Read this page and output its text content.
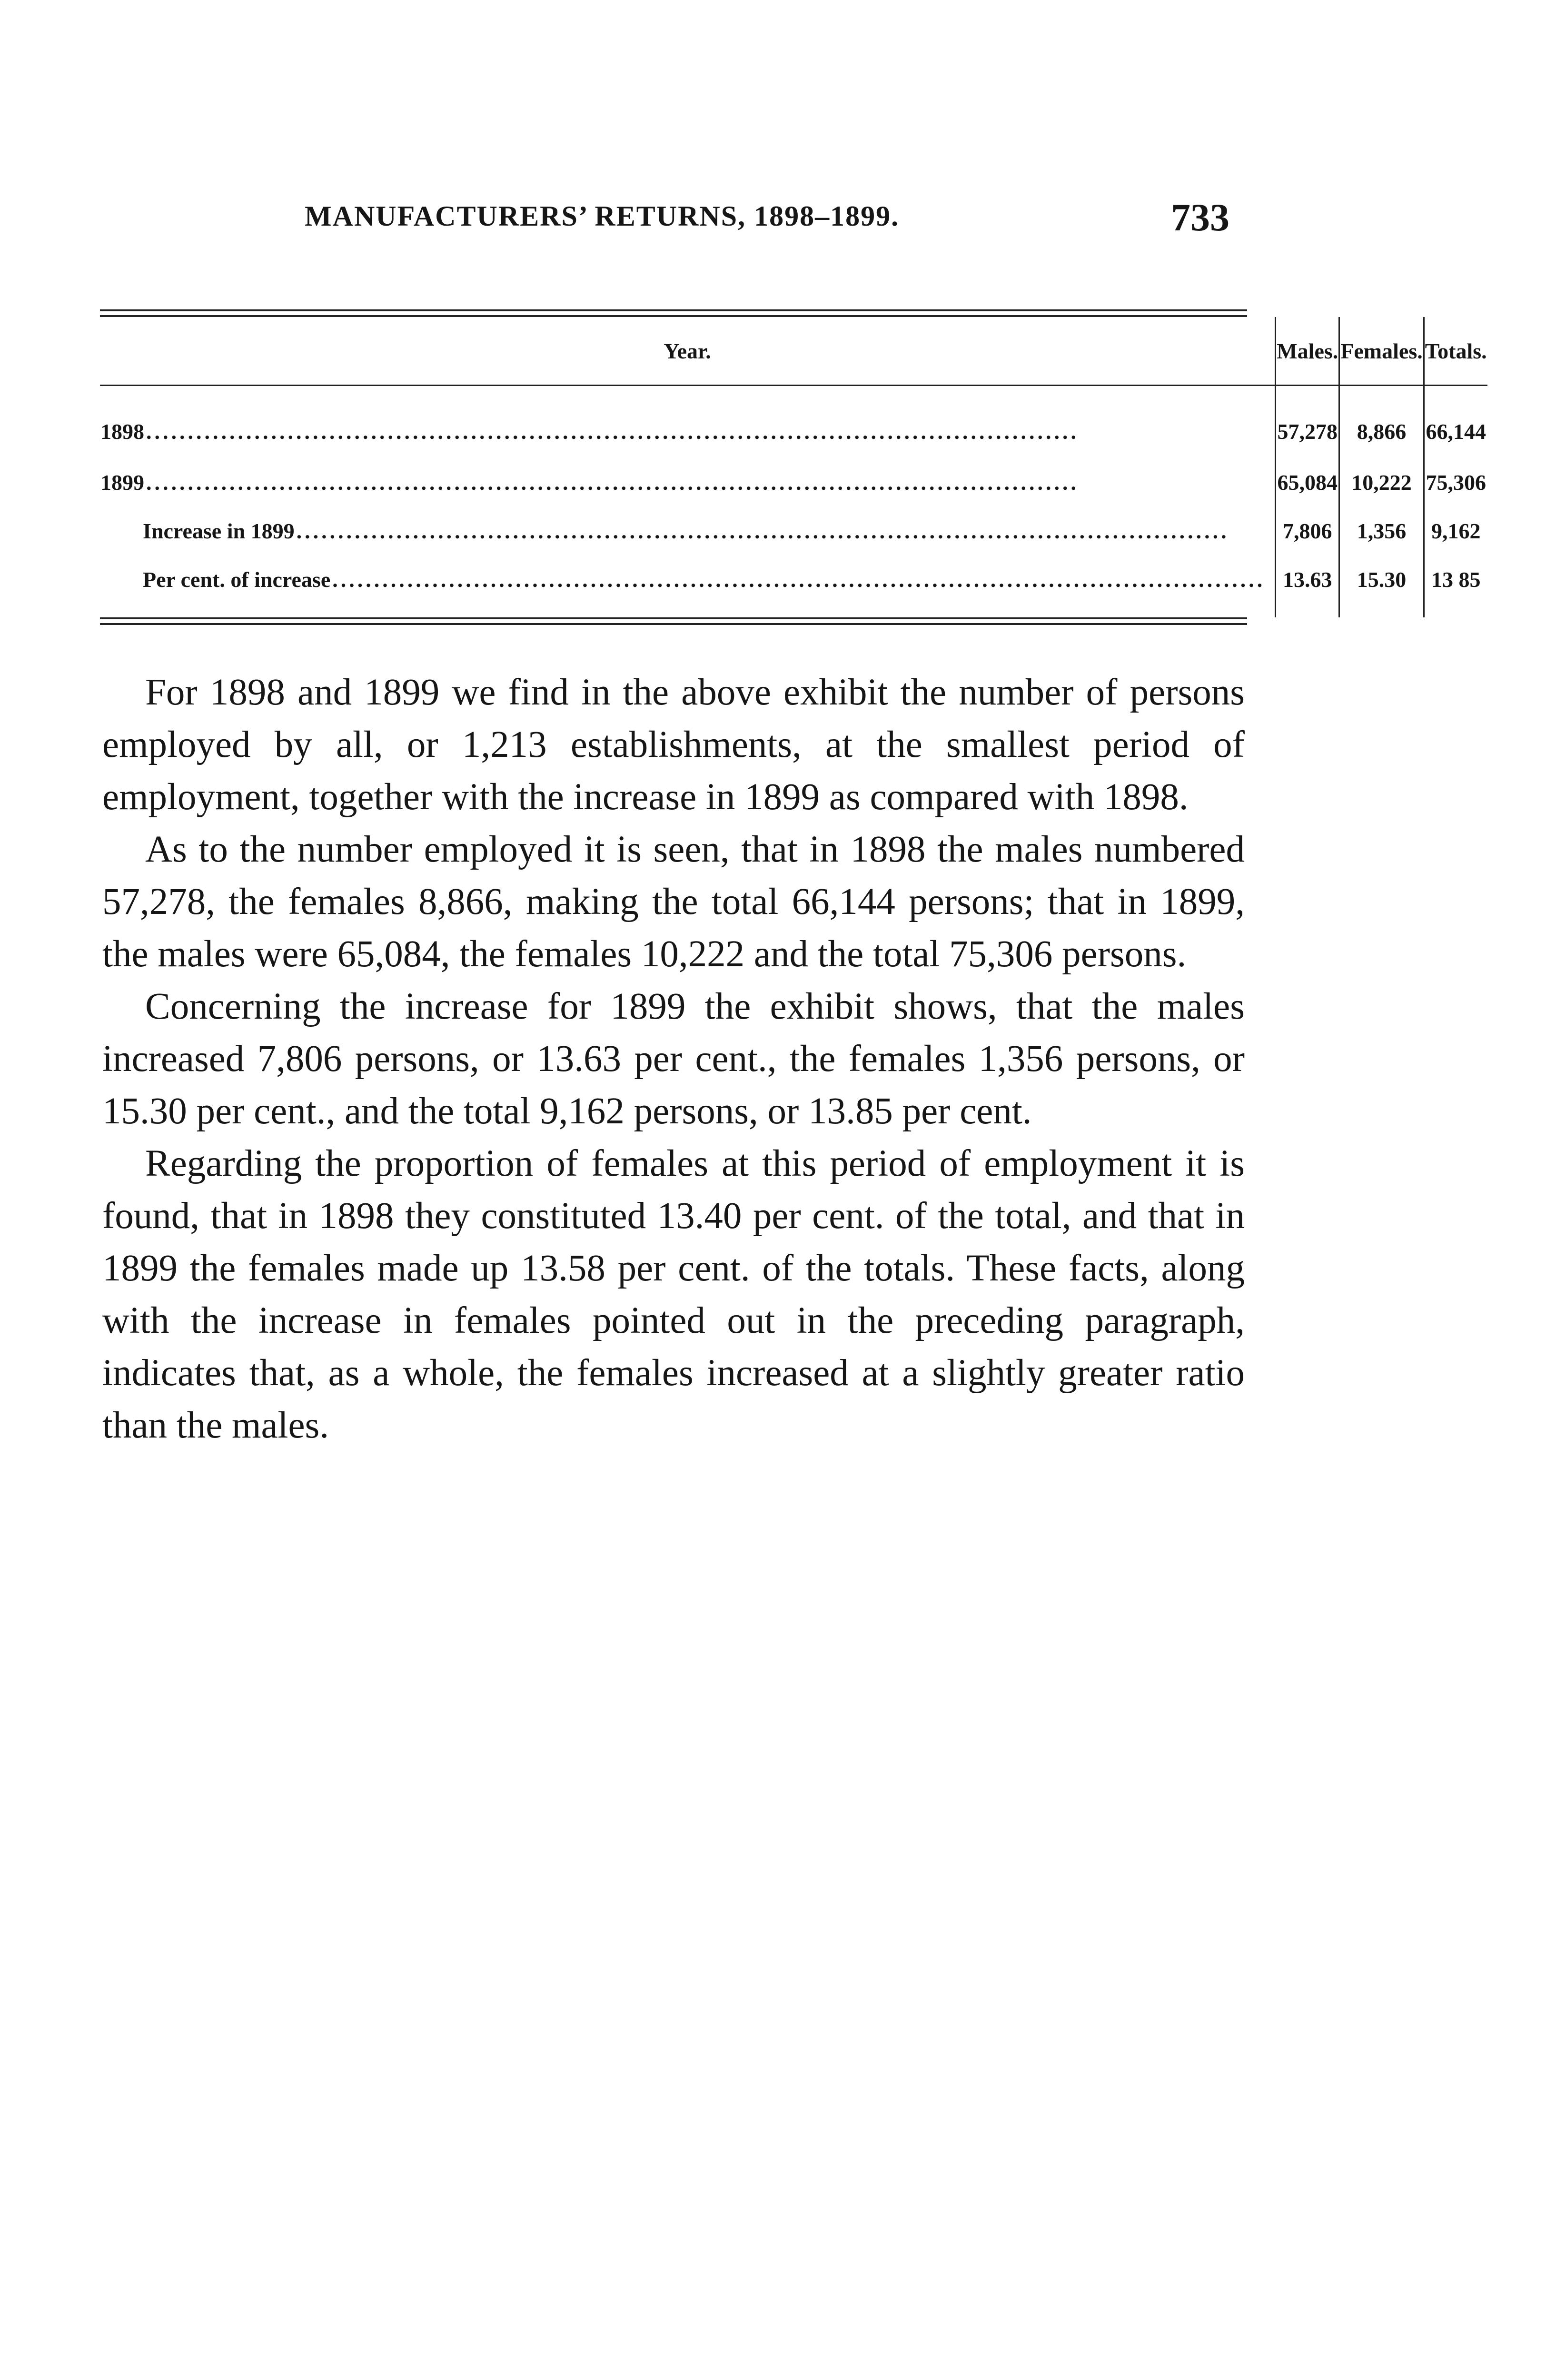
MANUFACTURERS’ RETURNS, 1898–1899.	733
Year.	Males.	Females.	Totals.

1898 ................................................................................................................	57,278	8,866	66,144

1899 ................................................................................................................	65,084	10,222	75,306

Increase in 1899 ................................................................................................................	7,806	1,356	9,162

Per cent. of increase ................................................................................................................	13.63	15.30	13 85

For 1898 and 1899 we find in the above exhibit the number of persons employed by all, or 1,213 establishments, at the smallest period of employment, together with the increase in 1899 as compared with 1898.

As to the number employed it is seen, that in 1898 the males numbered 57,278, the females 8,866, making the total 66,144 persons; that in 1899, the males were 65,084, the females 10,222 and the total 75,306 persons.

Concerning the increase for 1899 the exhibit shows, that the males increased 7,806 persons, or 13.63 per cent., the females 1,356 persons, or 15.30 per cent., and the total 9,162 persons, or 13.85 per cent.

Regarding the proportion of females at this period of employment it is found, that in 1898 they constituted 13.40 per cent. of the total, and that in 1899 the females made up 13.58 per cent. of the totals. These facts, along with the increase in females pointed out in the preceding paragraph, indicates that, as a whole, the females increased at a slightly greater ratio than the males.
